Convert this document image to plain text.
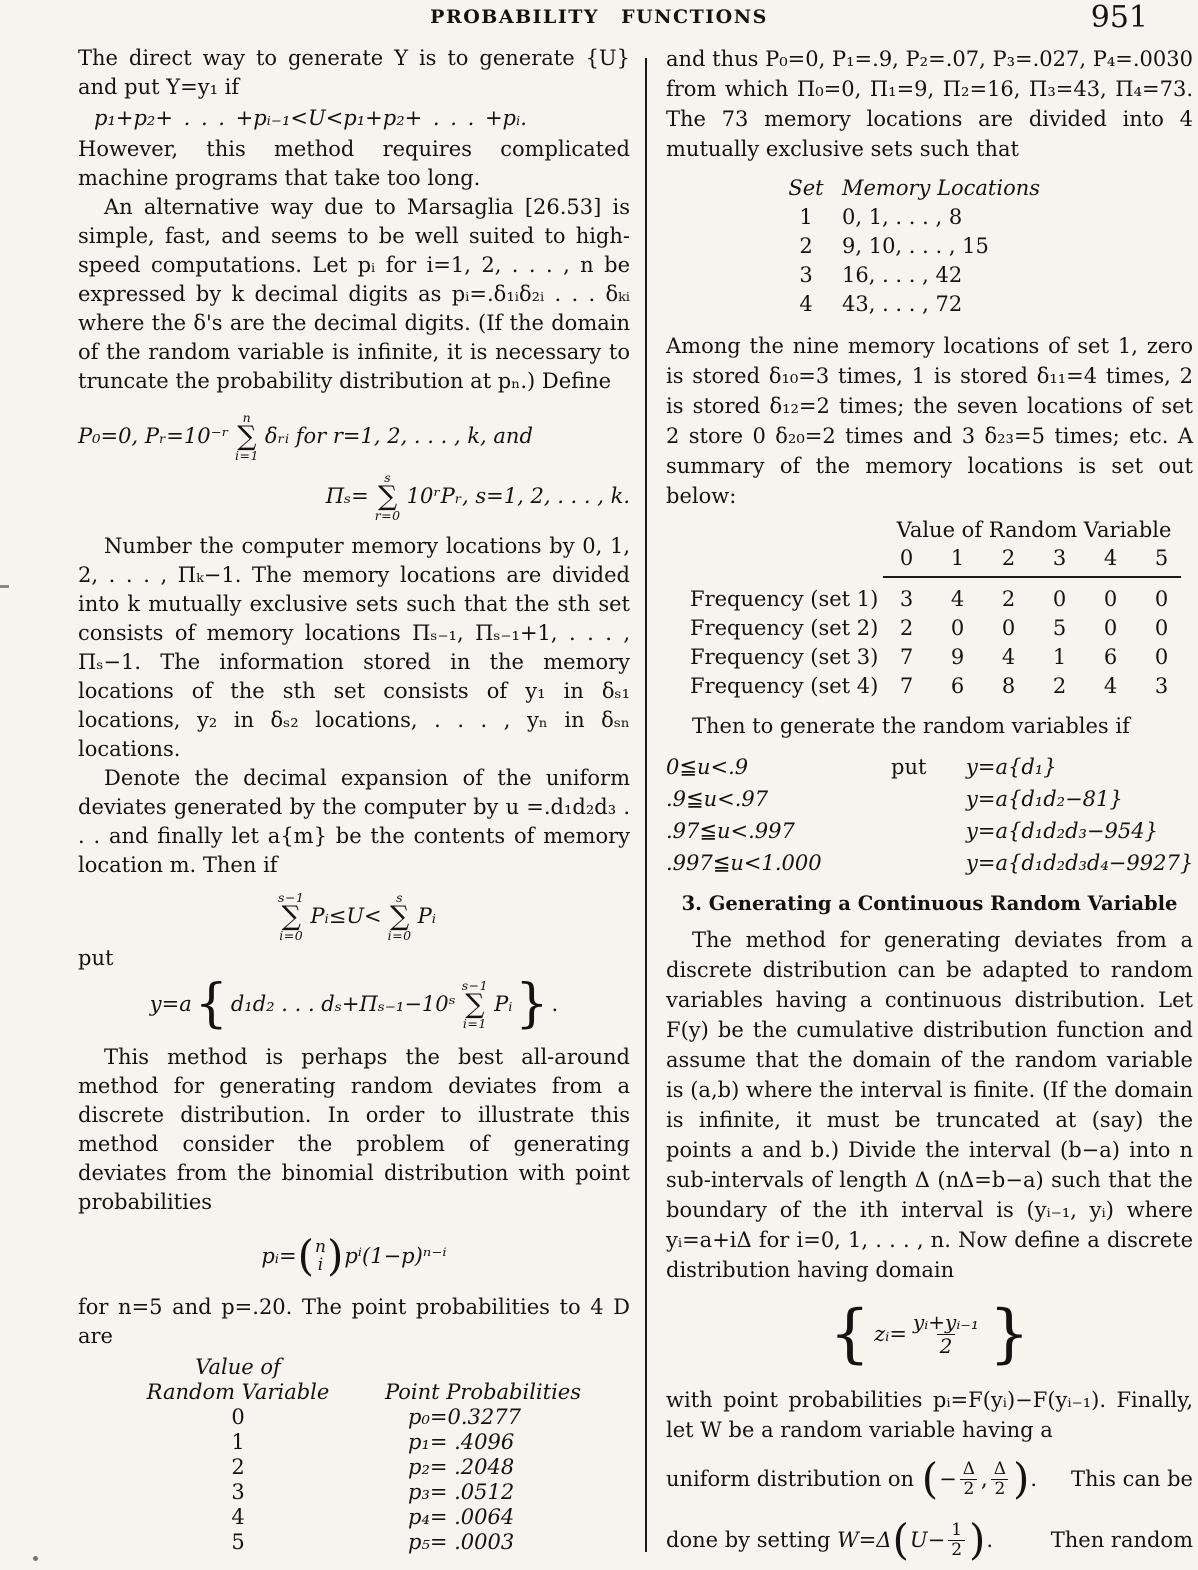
PROBABILITY FUNCTIONS	951

The direct way to generate Y is to generate {U} and put Y=y₁ if

p₁+p₂+ . . . +pᵢ₋₁<U<p₁+p₂+ . . . +pᵢ.

However, this method requires complicated machine programs that take too long.

An alternative way due to Marsaglia [26.53] is simple, fast, and seems to be well suited to high-speed computations. Let pᵢ for i=1, 2, . . . , n be expressed by k decimal digits as pᵢ=.δ₁ᵢδ₂ᵢ . . . δₖᵢ where the δ's are the decimal digits. (If the domain of the random variable is infinite, it is necessary to truncate the probability distribution at pₙ.) Define

P₀=0, Pᵣ=10⁻ʳ
n
∑
i=1
δᵣᵢ for r=1, 2, . . . , k, and
Πₛ=
s
∑
r=0
10ʳPᵣ, s=1, 2, . . . , k.

Number the computer memory locations by 0, 1, 2, . . . , Πₖ−1. The memory locations are divided into k mutually exclusive sets such that the sth set consists of memory locations Πₛ₋₁, Πₛ₋₁+1, . . . , Πₛ−1. The information stored in the memory locations of the sth set consists of y₁ in δₛ₁ locations, y₂ in δₛ₂ locations, . . . , yₙ in δₛₙ locations.

Denote the decimal expansion of the uniform deviates generated by the computer by u =.d₁d₂d₃ . . . and finally let a{m} be the contents of memory location m. Then if

s−1
∑
i=0
Pᵢ≤U<
s
∑
i=0
Pᵢ

put

y=a { d₁d₂ . . . dₛ+Πₛ₋₁−10ˢ
s−1
∑
i=1
Pᵢ } .

This method is perhaps the best all-around method for generating random deviates from a discrete distribution. In order to illustrate this method consider the problem of generating deviates from the binomial distribution with point probabilities

pᵢ= ( n
i ) pⁱ(1−p)ⁿ⁻ⁱ

for n=5 and p=.20. The point probabilities to 4 D are

Value of
Random Variable
	Point Probabilities
0	p₀=0.3277
1	p₁= .4096
2	p₂= .2048
3	p₃= .0512
4	p₄= .0064
5	p₅= .0003

and thus P₀=0, P₁=.9, P₂=.07, P₃=.027, P₄=.0030 from which Π₀=0, Π₁=9, Π₂=16, Π₃=43, Π₄=73. The 73 memory locations are divided into 4 mutually exclusive sets such that

Set Memory Locations
1	0, 1, . . . , 8
2	9, 10, . . . , 15
3	16, . . . , 42
4	43, . . . , 72

Among the nine memory locations of set 1, zero is stored δ₁₀=3 times, 1 is stored δ₁₁=4 times, 2 is stored δ₁₂=2 times; the seven locations of set 2 store 0 δ₂₀=2 times and 3 δ₂₃=5 times; etc. A summary of the memory locations is set out below:

Value of Random Variable
0	1	2	3	4	5
Frequency (set 1)	3	4	2	0	0	0
Frequency (set 2)	2	0	0	5	0	0
Frequency (set 3)	7	9	4	1	6	0
Frequency (set 4)	7	6	8	2	4	3

Then to generate the random variables if

0≦u<.9	put	y=a{d₁}
.9≦u<.97	y=a{d₁d₂−81}
.97≦u<.997	y=a{d₁d₂d₃−954}
.997≦u<1.000	y=a{d₁d₂d₃d₄−9927}
3. Generating a Continuous Random Variable

The method for generating deviates from a discrete distribution can be adapted to random variables having a continuous distribution. Let F(y) be the cumulative distribution function and assume that the domain of the random variable is (a,b) where the interval is finite. (If the domain is infinite, it must be truncated at (say) the points a and b.) Divide the interval (b−a) into n sub-intervals of length Δ (nΔ=b−a) such that the boundary of the ith interval is (yᵢ₋₁, yᵢ) where yᵢ=a+iΔ for i=0, 1, . . . , n. Now define a discrete distribution having domain

{ zᵢ= $\frac{\text{yᵢ+yᵢ₋₁}}{2}$ }

with point probabilities pᵢ=F(yᵢ)−F(yᵢ₋₁). Finally, let W be a random variable having a

uniform distribution on ( − $\frac{\Delta}{2}$ , $\frac{\Delta}{2}$ ) . This can be
done by setting W=Δ ( $U- \frac{1}{2}$ ) .	Then random
